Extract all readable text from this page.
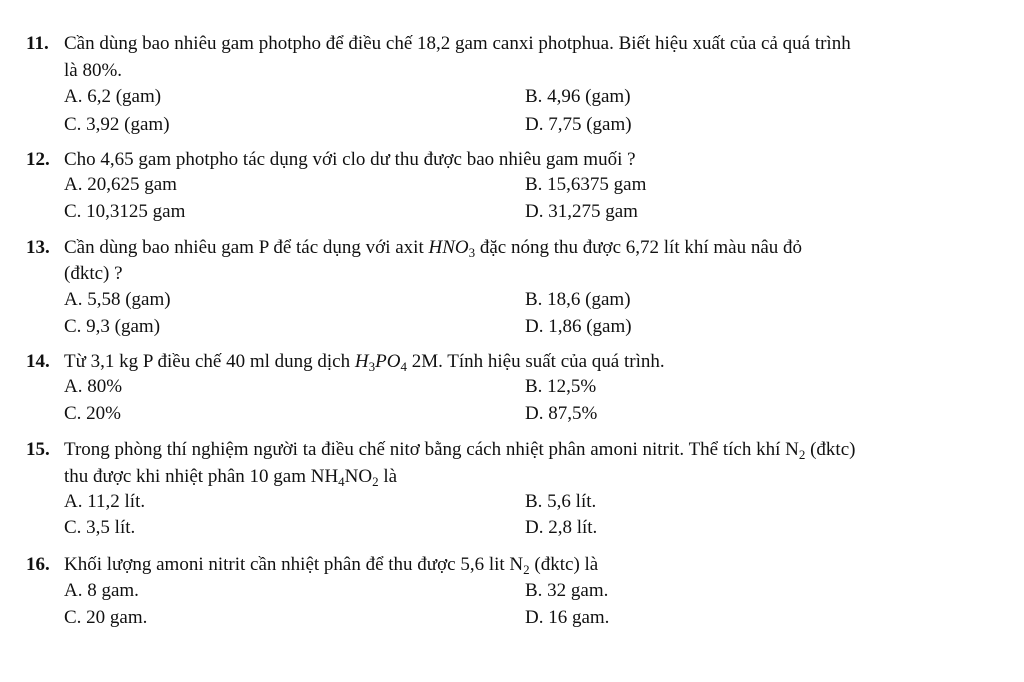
11. Cần dùng bao nhiêu gam photpho để điều chế 18,2 gam canxi photphua. Biết hiệu xuất của cả quá trình
là 80%.
A. 6,2 (gam)	B. 4,96 (gam)
C. 3,92 (gam)	D. 7,75 (gam)
12. Cho 4,65 gam photpho tác dụng với clo dư thu được bao nhiêu gam muối ?
A. 20,625 gam	B. 15,6375 gam
C. 10,3125 gam	D. 31,275 gam
13. Cần dùng bao nhiêu gam P để tác dụng với axit $HNO_3$ đặc nóng thu được 6,72 lít khí màu nâu đỏ
(đktc) ?
A. 5,58 (gam)	B. 18,6 (gam)
C. 9,3 (gam)	D. 1,86 (gam)
14. Từ 3,1 kg P điều chế 40 ml dung dịch $H_3PO_4$ 2M. Tính hiệu suất của quá trình.
A. 80%	B. 12,5%
C. 20%	D. 87,5%
15. Trong phòng thí nghiệm người ta điều chế nitơ bằng cách nhiệt phân amoni nitrit. Thể tích khí $N_2$ (đktc)
thu được khi nhiệt phân 10 gam $NH_4NO_2$ là
A. 11,2 lít.	B. 5,6 lít.
C. 3,5 lít.	D. 2,8 lít.
16. Khối lượng amoni nitrit cần nhiệt phân để thu được 5,6 lit $N_2$ (đktc) là
A. 8 gam.	B. 32 gam.
C. 20 gam.	D. 16 gam.
